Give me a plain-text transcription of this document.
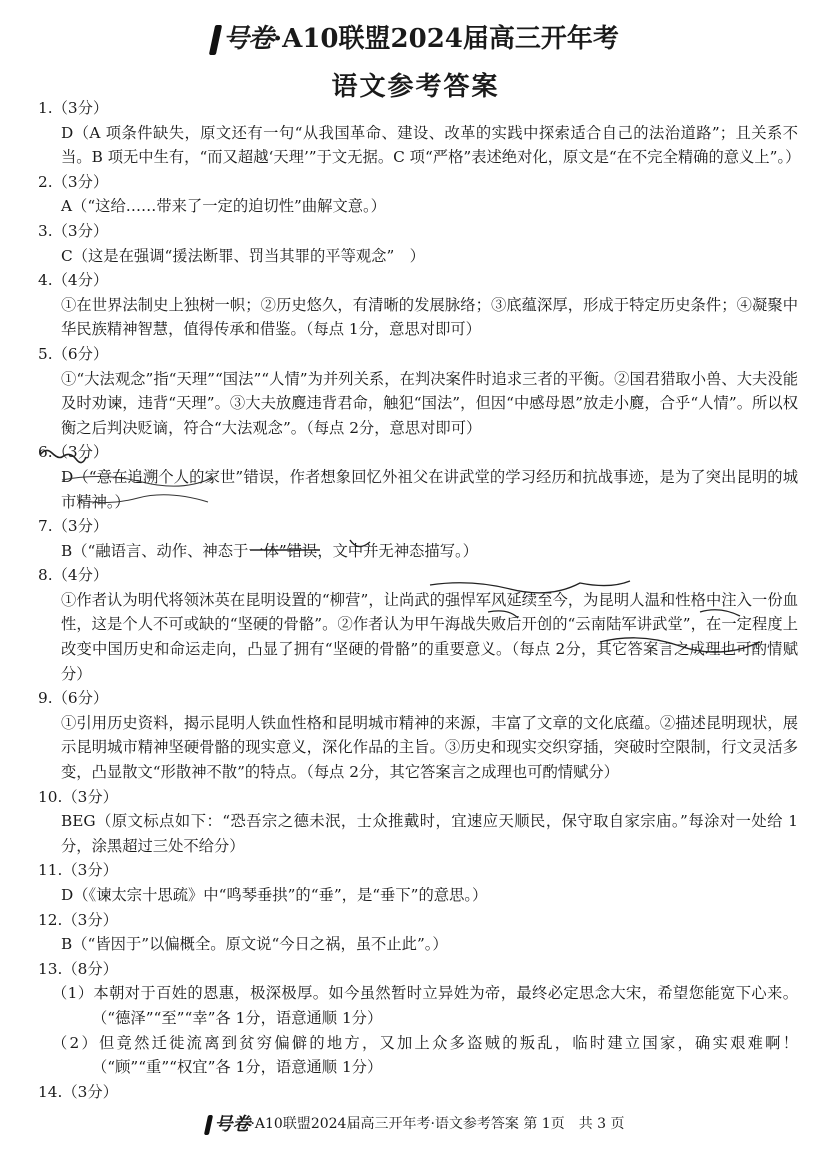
号卷·A10联盟2024届高三开年考
语文参考答案

1.（3分）

D（A 项条件缺失，原文还有一句“从我国革命、建设、改革的实践中探索适合自己的法治道路”；且关系不当。B 项无中生有，“而又超越‘天理’”于文无据。C 项“严格”表述绝对化，原文是“在不完全精确的意义上”。）

2.（3分）

A（“这给……带来了一定的迫切性”曲解文意。）

3.（3分）

C（这是在强调“援法断罪、罚当其罪的平等观念”　）

4.（4分）

①在世界法制史上独树一帜；②历史悠久，有清晰的发展脉络；③底蕴深厚，形成于特定历史条件；④凝聚中华民族精神智慧，值得传承和借鉴。（每点 1分，意思对即可）

5.（6分）

①“大法观念”指“天理”“国法”“人情”为并列关系，在判决案件时追求三者的平衡。②国君猎取小兽、大夫没能及时劝谏，违背“天理”。③大夫放麑违背君命，触犯“国法”，但因“中感母恩”放走小麑，合乎“人情”。所以权衡之后判决贬谪，符合“大法观念”。（每点 2分，意思对即可）

6.（3分）

D（“意在追溯个人的家世”错误，作者想象回忆外祖父在讲武堂的学习经历和抗战事迹，是为了突出昆明的城市精神。）

7.（3分）

B（“融语言、动作、神态于一体”错误，文中并无神态描写。）

8.（4分）

①作者认为明代将领沐英在昆明设置的“柳营”，让尚武的强悍军风延续至今，为昆明人温和性格中注入一份血性，这是个人不可或缺的“坚硬的骨骼”。②作者认为甲午海战失败后开创的“云南陆军讲武堂”，在一定程度上改变中国历史和命运走向，凸显了拥有“坚硬的骨骼”的重要意义。（每点 2分，其它答案言之成理也可酌情赋分）

9.（6分）

①引用历史资料，揭示昆明人铁血性格和昆明城市精神的来源，丰富了文章的文化底蕴。②描述昆明现状，展示昆明城市精神坚硬骨骼的现实意义，深化作品的主旨。③历史和现实交织穿插，突破时空限制，行文灵活多变，凸显散文“形散神不散”的特点。（每点 2分，其它答案言之成理也可酌情赋分）

10.（3分）

BEG（原文标点如下：“恐吾宗之德未泯，士众推戴时，宜速应天顺民，保守取自家宗庙。”每涂对一处给 1分，涂黑超过三处不给分）

11.（3分）

D（《谏太宗十思疏》中“鸣琴垂拱”的“垂”，是“垂下”的意思。）

12.（3分）

B（“皆因于”以偏概全。原文说“今日之祸，虽不止此”。）

13.（8分）

（1）本朝对于百姓的恩惠，极深极厚。如今虽然暂时立异姓为帝，最终必定思念大宋，希望您能宽下心来。（“德泽”“至”“幸”各 1分，语意通顺 1分）

（2）但竟然迁徙流离到贫穷偏僻的地方，又加上众多盗贼的叛乱，临时建立国家，确实艰难啊！（“顾”“重”“权宜”各 1分，语意通顺 1分）

14.（3分）

号卷·A10联盟2024届高三开年考·语文参考答案 第 1页　共 3 页
